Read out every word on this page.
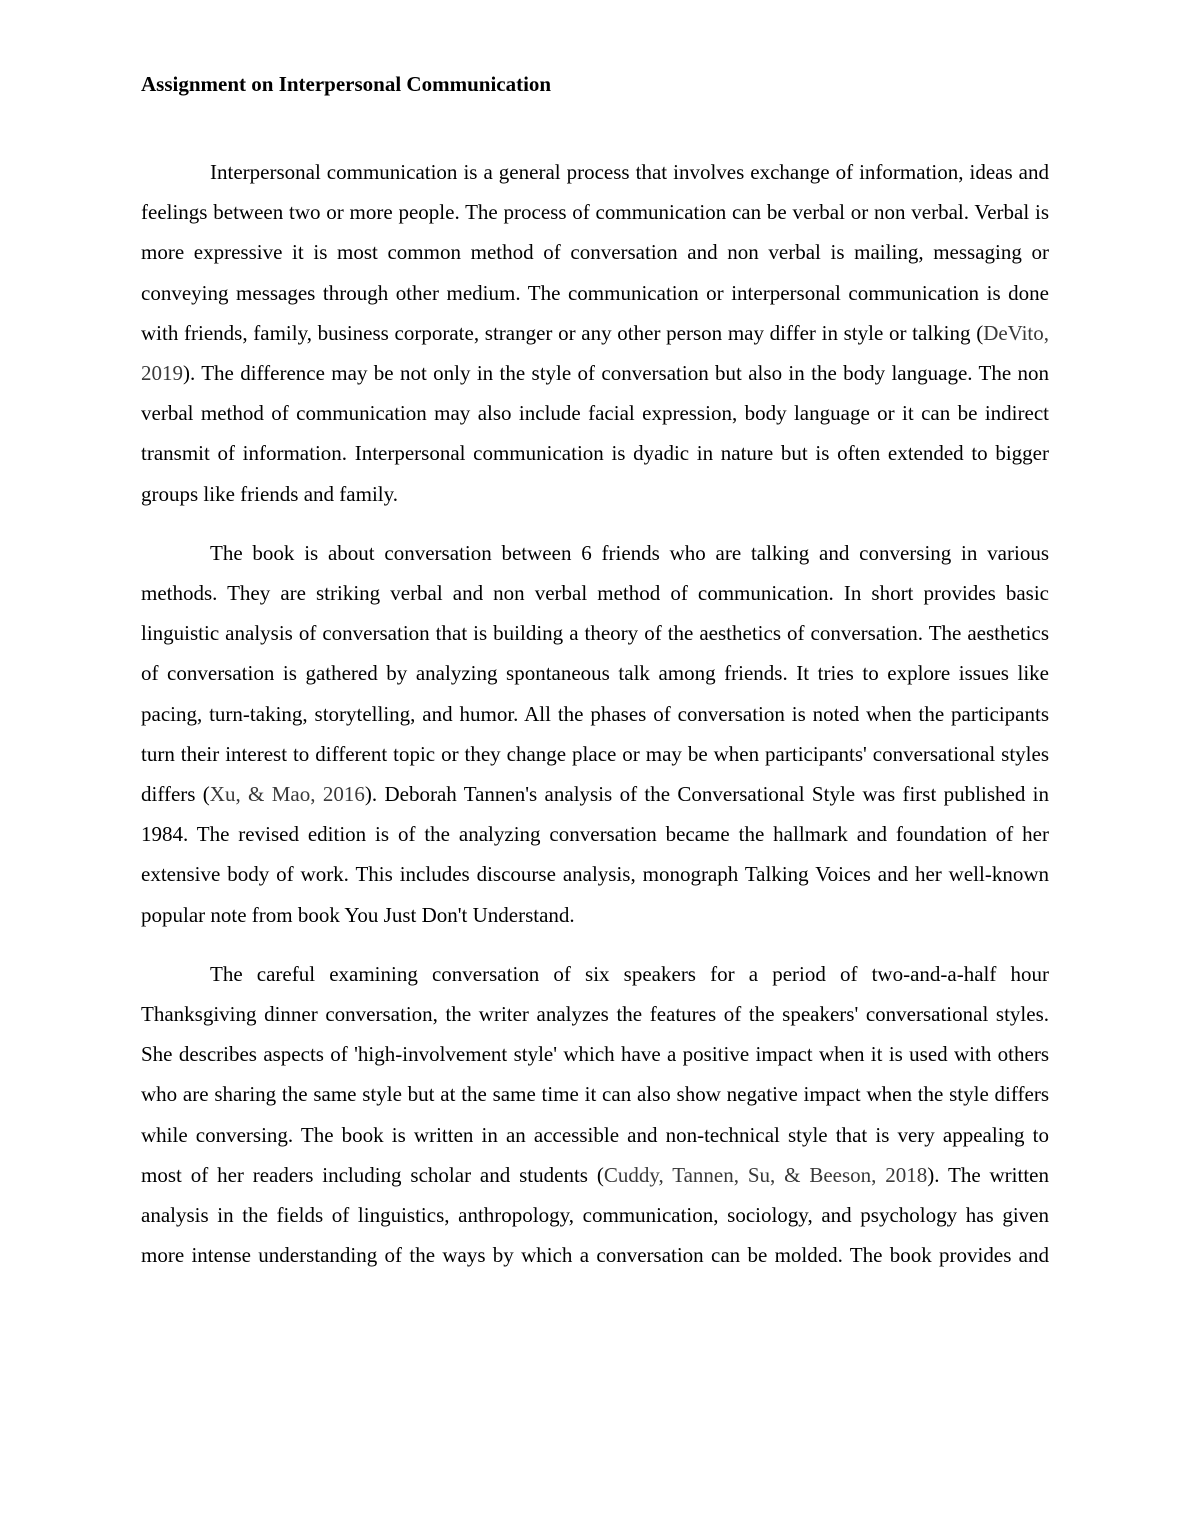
Assignment on Interpersonal Communication

Interpersonal communication is a general process that involves exchange of information, ideas and feelings between two or more people. The process of communication can be verbal or non verbal. Verbal is more expressive it is most common method of conversation and non verbal is mailing, messaging or conveying messages through other medium. The communication or interpersonal communication is done with friends, family, business corporate, stranger or any other person may differ in style or talking (DeVito, 2019). The difference may be not only in the style of conversation but also in the body language. The non verbal method of communication may also include facial expression, body language or it can be indirect transmit of information. Interpersonal communication is dyadic in nature but is often extended to bigger groups like friends and family.

The book is about conversation between 6 friends who are talking and conversing in various methods. They are striking verbal and non verbal method of communication. In short provides basic linguistic analysis of conversation that is building a theory of the aesthetics of conversation. The aesthetics of conversation is gathered by analyzing spontaneous talk among friends. It tries to explore issues like pacing, turn-taking, storytelling, and humor. All the phases of conversation is noted when the participants turn their interest to different topic or they change place or may be when participants' conversational styles differs (Xu, & Mao, 2016). Deborah Tannen's analysis of the Conversational Style was first published in 1984. The revised edition is of the analyzing conversation became the hallmark and foundation of her extensive body of work. This includes discourse analysis, monograph Talking Voices and her well-known popular note from book You Just Don't Understand.

The careful examining conversation of six speakers for a period of two-and-a-half hour Thanksgiving dinner conversation, the writer analyzes the features of the speakers' conversational styles. She describes aspects of 'high-involvement style' which have a positive impact when it is used with others who are sharing the same style but at the same time it can also show negative impact when the style differs while conversing. The book is written in an accessible and non-technical style that is very appealing to most of her readers including scholar and students (Cuddy, Tannen, Su, & Beeson, 2018). The written analysis in the fields of linguistics, anthropology, communication, sociology, and psychology has given more intense understanding of the ways by which a conversation can be molded. The book provides and
